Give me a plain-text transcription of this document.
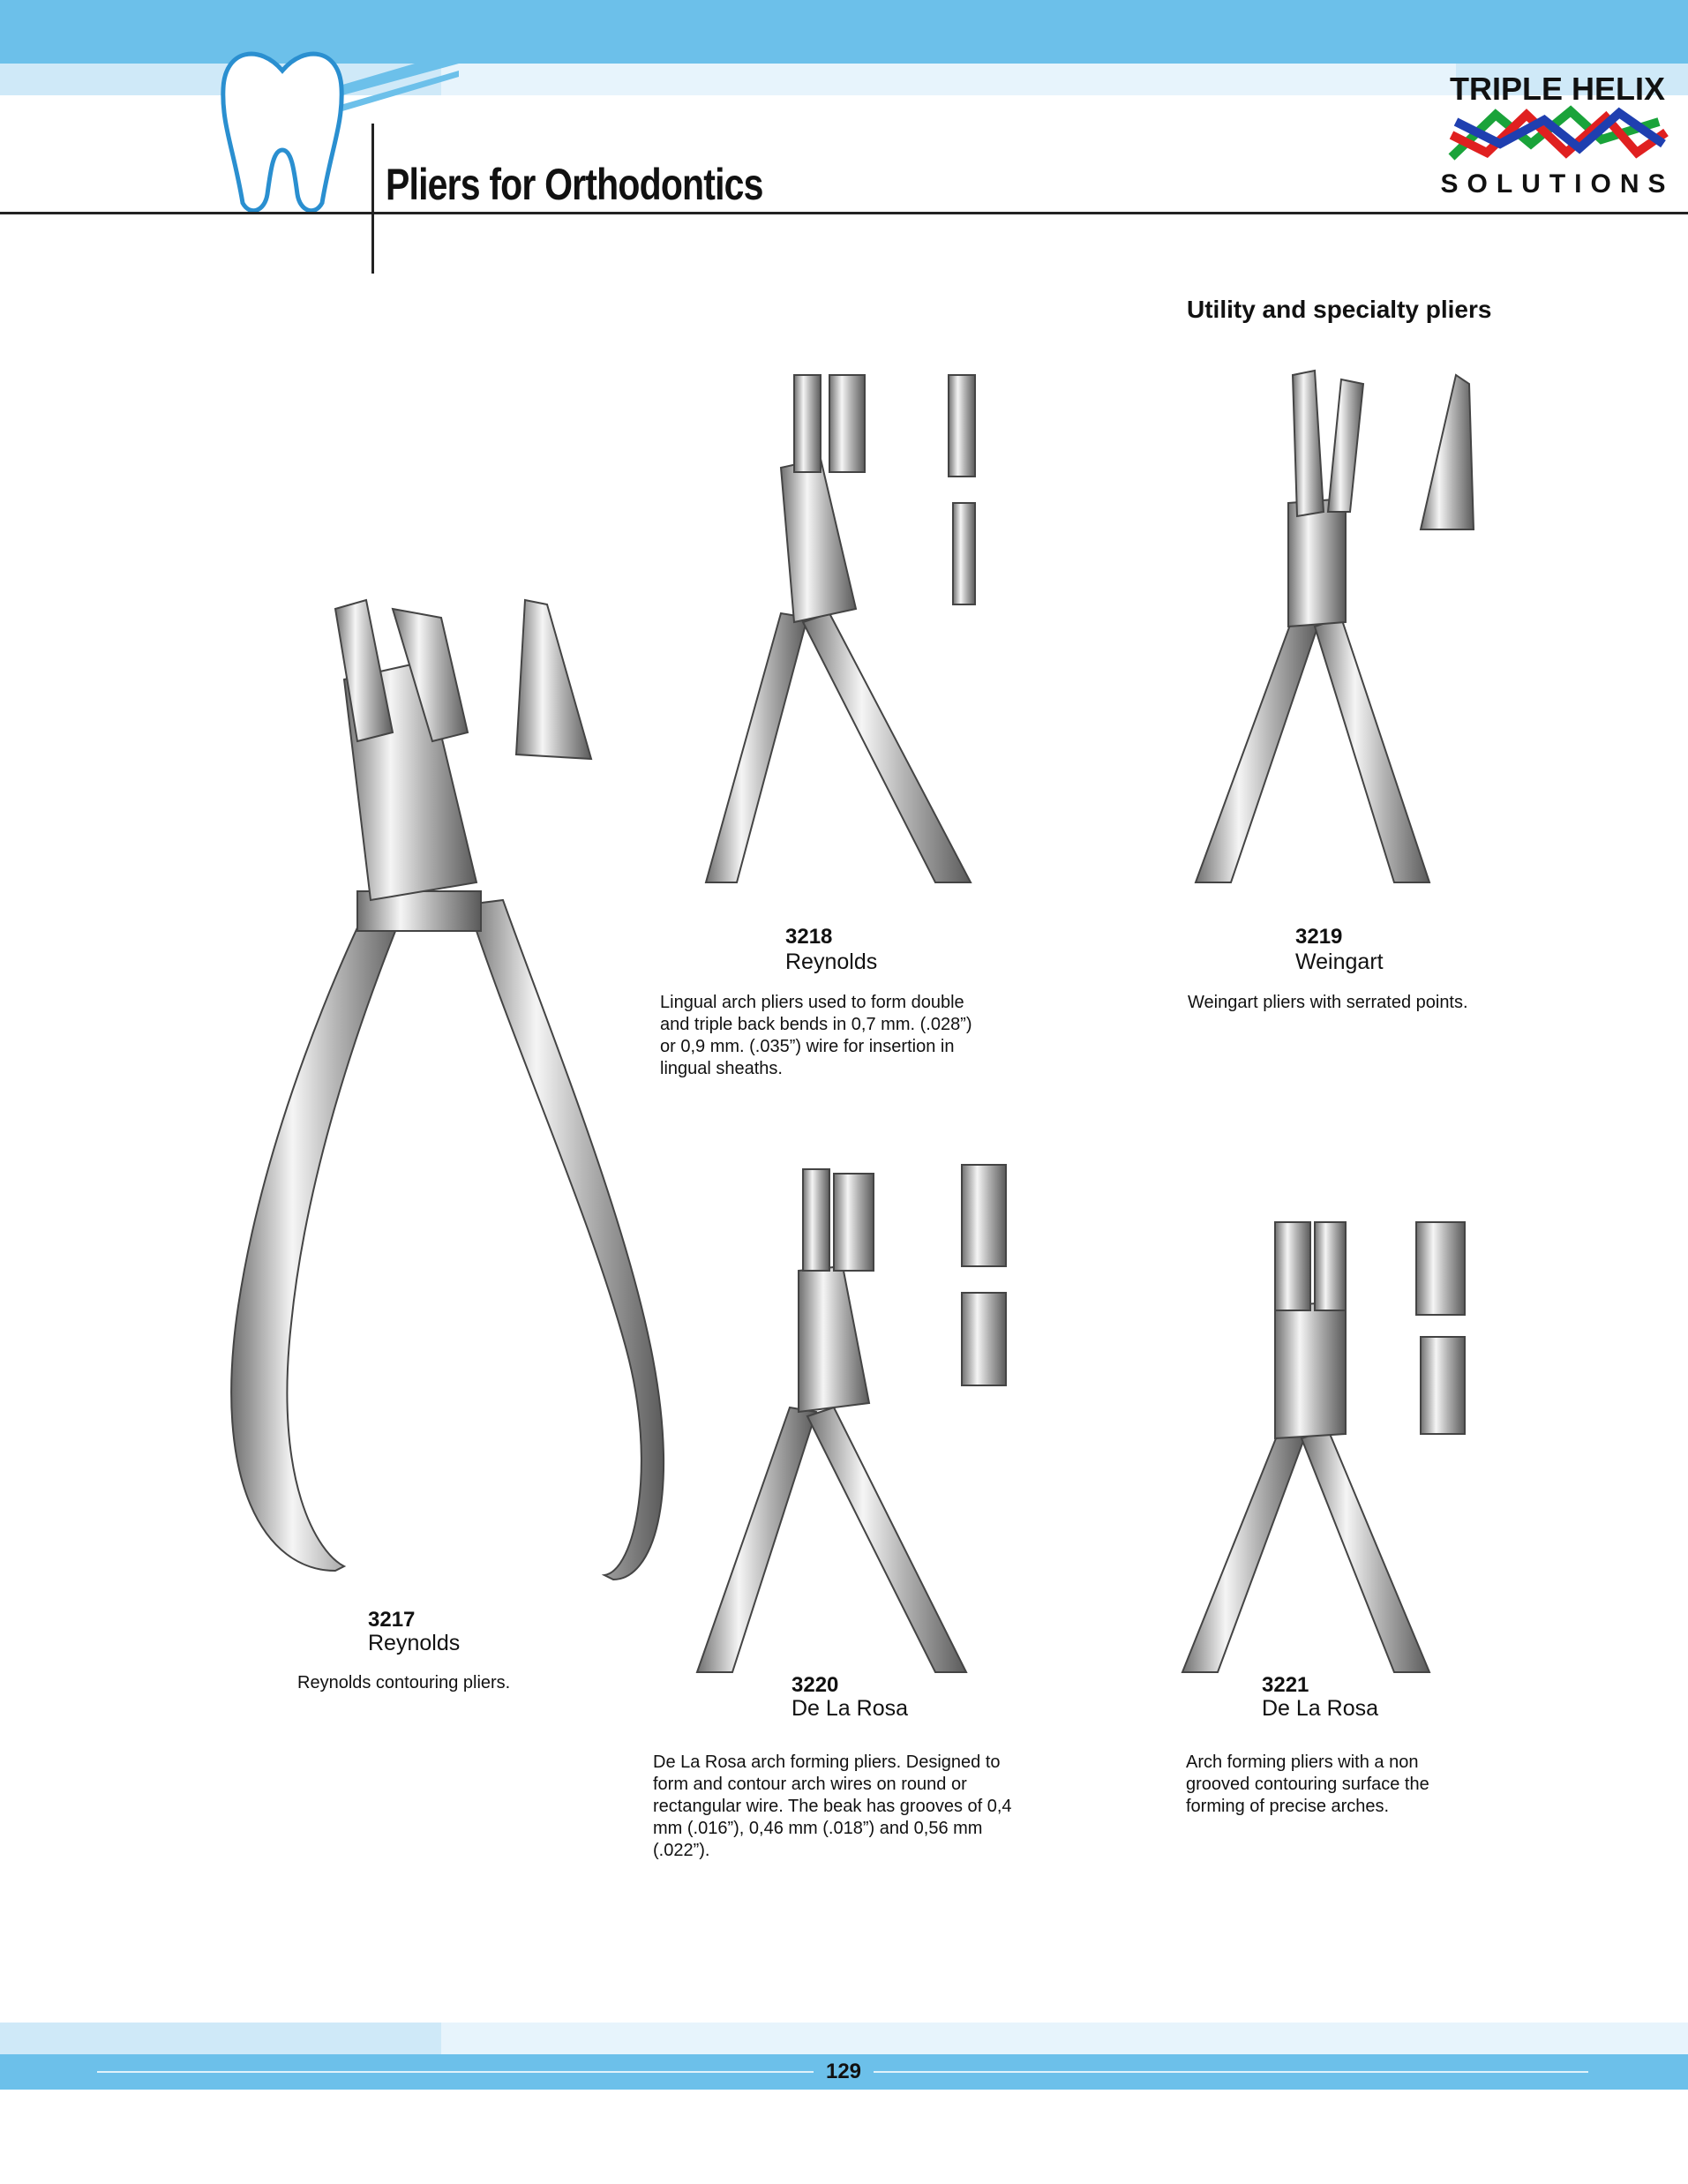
Pliers for Orthodontics
TRIPLE HELIX
SOLUTIONS
Utility and specialty pliers
3217
Reynolds
Reynolds contouring pliers.
3218
Reynolds
Lingual arch pliers used to form double
and triple back bends in 0,7 mm. (.028”)
or 0,9 mm. (.035”) wire for insertion in
lingual sheaths.
3219
Weingart
Weingart pliers with serrated points.
3220
De La Rosa
De La Rosa arch forming pliers. Designed to
form and contour arch wires on round or
rectangular wire. The beak has grooves of 0,4
mm (.016”), 0,46 mm (.018”) and 0,56 mm
(.022”).
3221
De La Rosa
Arch forming pliers with a non
grooved contouring surface the
forming of precise arches.
129
